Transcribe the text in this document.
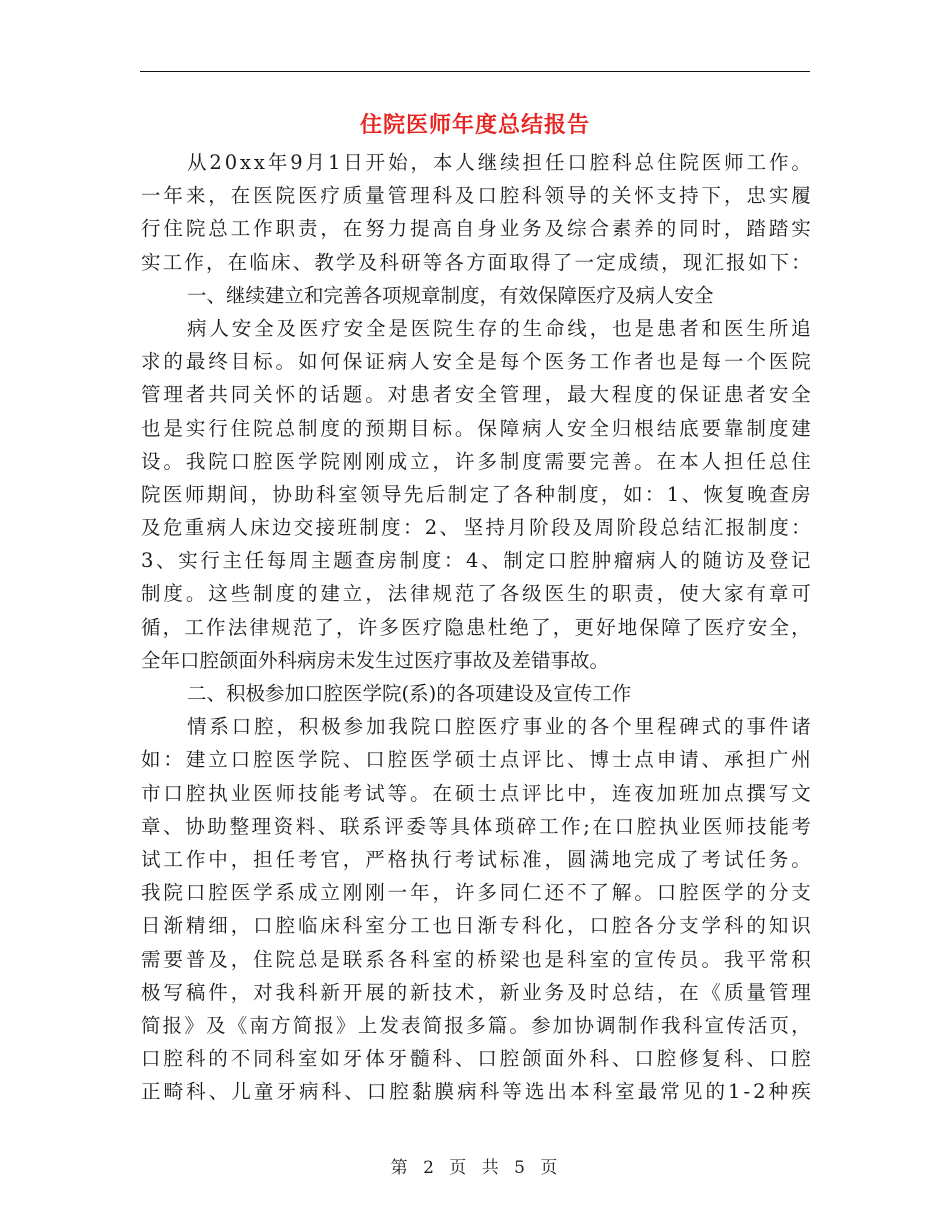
住院医师年度总结报告
从 2 0 x x 年 9 月 1 日 开 始 ， 本 人 继 续 担 任 口 腔 科 总 住 院 医 师 工 作 。
一 年 来 ， 在 医 院 医 疗 质 量 管 理 科 及 口 腔 科 领 导 的 关 怀 支 持 下 ， 忠 实 履
行 住 院 总 工 作 职 责 ， 在 努 力 提 高 自 身 业 务 及 综 合 素 养 的 同 时 ， 踏 踏 实
实 工 作 ， 在 临 床 、 教 学 及 科 研 等 各 方 面 取 得 了 一 定 成 绩 ， 现 汇 报 如 下 ：
一、继续建立和完善各项规章制度，有效保障医疗及病人安全
病 人 安 全 及 医 疗 安 全 是 医 院 生 存 的 生 命 线 ， 也 是 患 者 和 医 生 所 追
求 的 最 终 目 标 。 如 何 保 证 病 人 安 全 是 每 个 医 务 工 作 者 也 是 每 一 个 医 院
管 理 者 共 同 关 怀 的 话 题 。 对 患 者 安 全 管 理 ， 最 大 程 度 的 保 证 患 者 安 全
也 是 实 行 住 院 总 制 度 的 预 期 目 标 。 保 障 病 人 安 全 归 根 结 底 要 靠 制 度 建
设 。 我 院 口 腔 医 学 院 刚 刚 成 立 ， 许 多 制 度 需 要 完 善 。 在 本 人 担 任 总 住
院 医 师 期 间 ， 协 助 科 室 领 导 先 后 制 定 了 各 种 制 度 ， 如 ： 1 、 恢 复 晚 查 房
及 危 重 病 人 床 边 交 接 班 制 度 ： 2 、 坚 持 月 阶 段 及 周 阶 段 总 结 汇 报 制 度 ：
3 、 实 行 主 任 每 周 主 题 查 房 制 度 ： 4 、 制 定 口 腔 肿 瘤 病 人 的 随 访 及 登 记
制 度 。 这 些 制 度 的 建 立 ， 法 律 规 范 了 各 级 医 生 的 职 责 ， 使 大 家 有 章 可
循 ， 工 作 法 律 规 范 了 ， 许 多 医 疗 隐 患 杜 绝 了 ， 更 好 地 保 障 了 医 疗 安 全 ，
全年口腔颌面外科病房未发生过医疗事故及差错事故。
二、积极参加口腔医学院(系)的各项建设及宣传工作
情 系 口 腔 ， 积 极 参 加 我 院 口 腔 医 疗 事 业 的 各 个 里 程 碑 式 的 事 件 诸
如 ： 建 立 口 腔 医 学 院 、 口 腔 医 学 硕 士 点 评 比 、 博 士 点 申 请 、 承 担 广 州
市 口 腔 执 业 医 师 技 能 考 试 等 。 在 硕 士 点 评 比 中 ， 连 夜 加 班 加 点 撰 写 文
章 、 协 助 整 理 资 料 、 联 系 评 委 等 具 体 琐 碎 工 作 ; 在 口 腔 执 业 医 师 技 能 考
试 工 作 中 ， 担 任 考 官 ， 严 格 执 行 考 试 标 准 ， 圆 满 地 完 成 了 考 试 任 务 。
我 院 口 腔 医 学 系 成 立 刚 刚 一 年 ， 许 多 同 仁 还 不 了 解 。 口 腔 医 学 的 分 支
日 渐 精 细 ， 口 腔 临 床 科 室 分 工 也 日 渐 专 科 化 ， 口 腔 各 分 支 学 科 的 知 识
需 要 普 及 ， 住 院 总 是 联 系 各 科 室 的 桥 梁 也 是 科 室 的 宣 传 员 。 我 平 常 积
极 写 稿 件 ， 对 我 科 新 开 展 的 新 技 术 ， 新 业 务 及 时 总 结 ， 在 《 质 量 管 理
简 报 》 及 《 南 方 简 报 》 上 发 表 简 报 多 篇 。 参 加 协 调 制 作 我 科 宣 传 活 页 ，
口 腔 科 的 不 同 科 室 如 牙 体 牙 髓 科 、 口 腔 颌 面 外 科 、 口 腔 修 复 科 、 口 腔
正 畸 科 、 儿 童 牙 病 科 、 口 腔 黏 膜 病 科 等 选 出 本 科 室 最 常 见 的 1 - 2 种 疾
第 2 页 共 5 页
